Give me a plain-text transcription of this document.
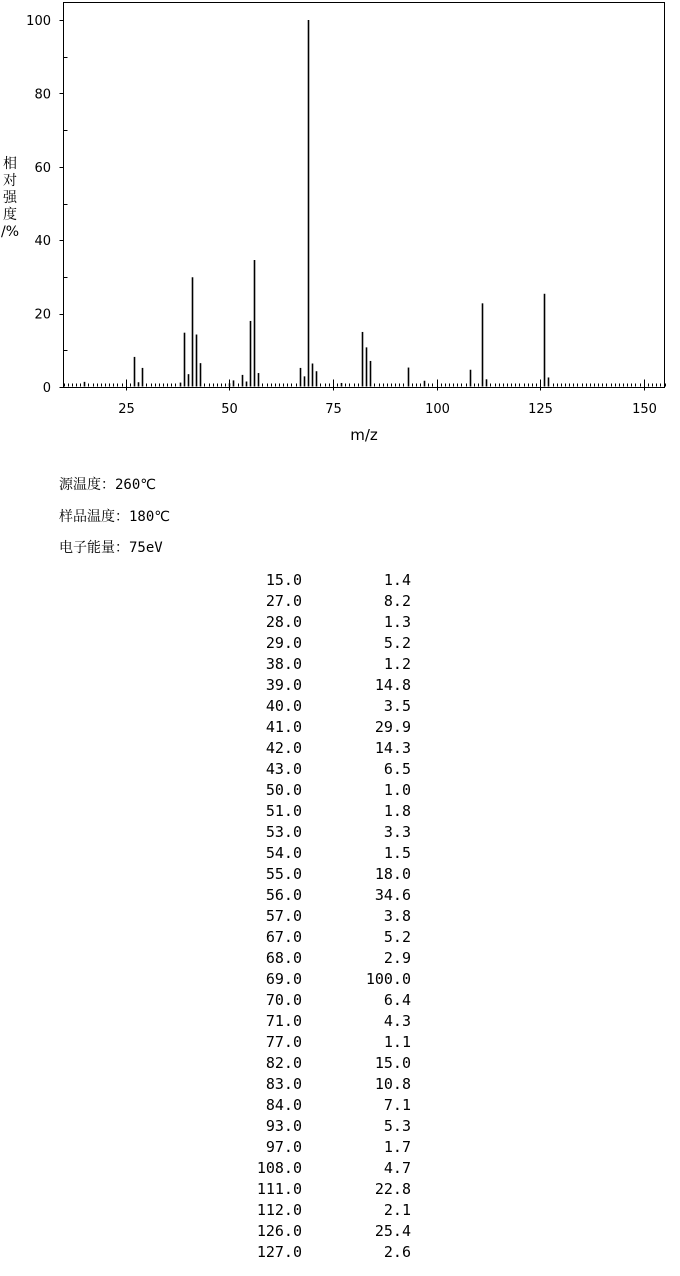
25	50	75	100	125	150
0
20
40
60
80
100
m/z
相
对
强
度
/%
源温度：260℃
样品温度：180℃
电子能量：75eV
15.0	1.4
27.0	8.2
28.0	1.3
29.0	5.2
38.0	1.2
39.0	14.8
40.0	3.5
41.0	29.9
42.0	14.3
43.0	6.5
50.0	1.0
51.0	1.8
53.0	3.3
54.0	1.5
55.0	18.0
56.0	34.6
57.0	3.8
67.0	5.2
68.0	2.9
69.0	100.0
70.0	6.4
71.0	4.3
77.0	1.1
82.0	15.0
83.0	10.8
84.0	7.1
93.0	5.3
97.0	1.7
108.0	4.7
111.0	22.8
112.0	2.1
126.0	25.4
127.0	2.6
